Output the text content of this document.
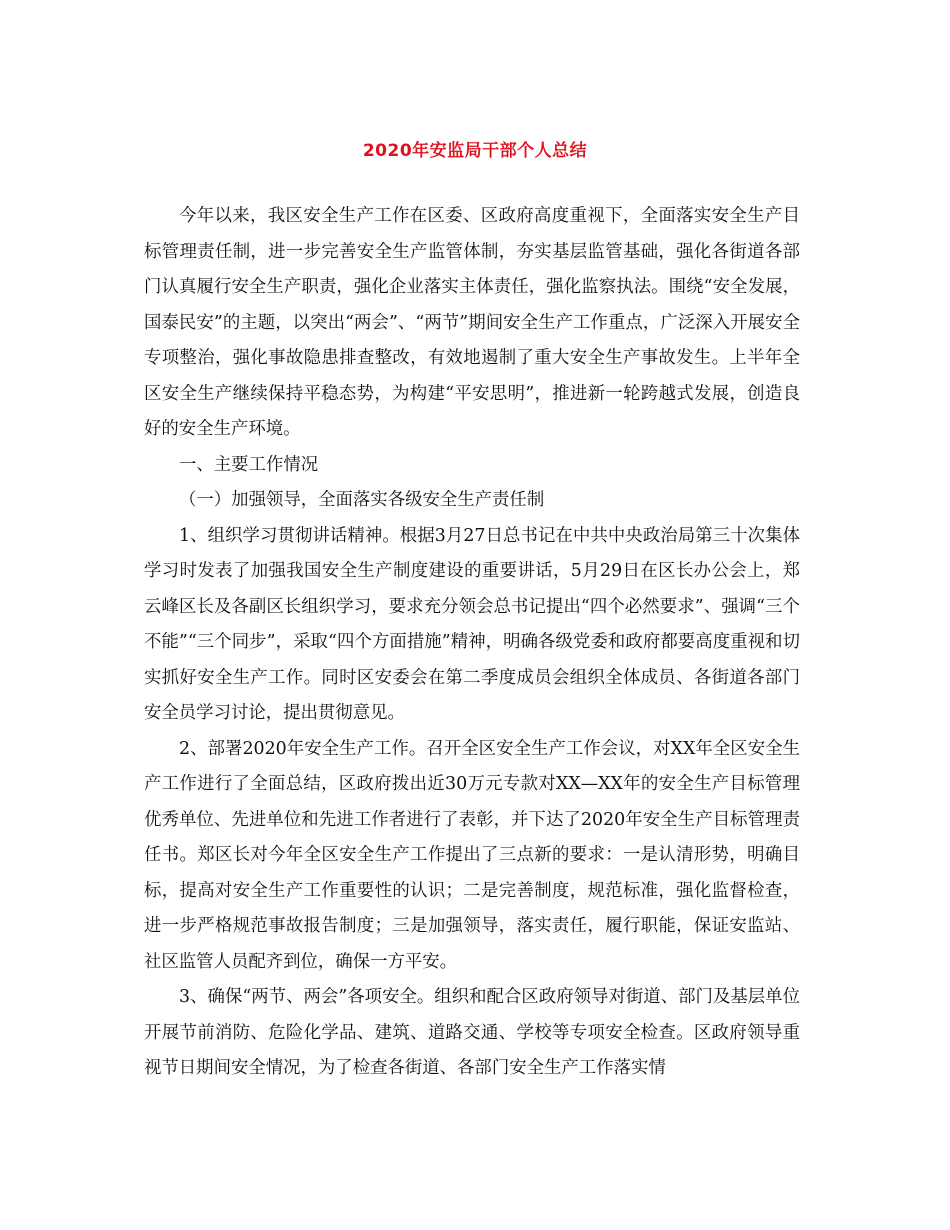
2020年安监局干部个人总结

今年以来，我区安全生产工作在区委、区政府高度重视下，全面落实安全生产目标管理责任制，进一步完善安全生产监管体制，夯实基层监管基础，强化各街道各部门认真履行安全生产职责，强化企业落实主体责任，强化监察执法。围绕“安全发展，国泰民安”的主题，以突出“两会”、“两节”期间安全生产工作重点，广泛深入开展安全专项整治，强化事故隐患排查整改，有效地遏制了重大安全生产事故发生。上半年全区安全生产继续保持平稳态势，为构建“平安思明”，推进新一轮跨越式发展，创造良好的安全生产环境。

一、主要工作情况

（一）加强领导，全面落实各级安全生产责任制

1、组织学习贯彻讲话精神。根据3月27日总书记在中共中央政治局第三十次集体学习时发表了加强我国安全生产制度建设的重要讲话，5月29日在区长办公会上，郑云峰区长及各副区长组织学习，要求充分领会总书记提出“四个必然要求”、强调“三个不能”“三个同步”，采取“四个方面措施”精神，明确各级党委和政府都要高度重视和切实抓好安全生产工作。同时区安委会在第二季度成员会组织全体成员、各街道各部门安全员学习讨论，提出贯彻意见。

2、部署2020年安全生产工作。召开全区安全生产工作会议，对XX年全区安全生产工作进行了全面总结，区政府拨出近30万元专款对XX—XX年的安全生产目标管理优秀单位、先进单位和先进工作者进行了表彰，并下达了2020年安全生产目标管理责任书。郑区长对今年全区安全生产工作提出了三点新的要求：一是认清形势，明确目标，提高对安全生产工作重要性的认识；二是完善制度，规范标准，强化监督检查，进一步严格规范事故报告制度；三是加强领导，落实责任，履行职能，保证安监站、社区监管人员配齐到位，确保一方平安。

3、确保“两节、两会”各项安全。组织和配合区政府领导对街道、部门及基层单位开展节前消防、危险化学品、建筑、道路交通、学校等专项安全检查。区政府领导重视节日期间安全情况，为了检查各街道、各部门安全生产工作落实情
